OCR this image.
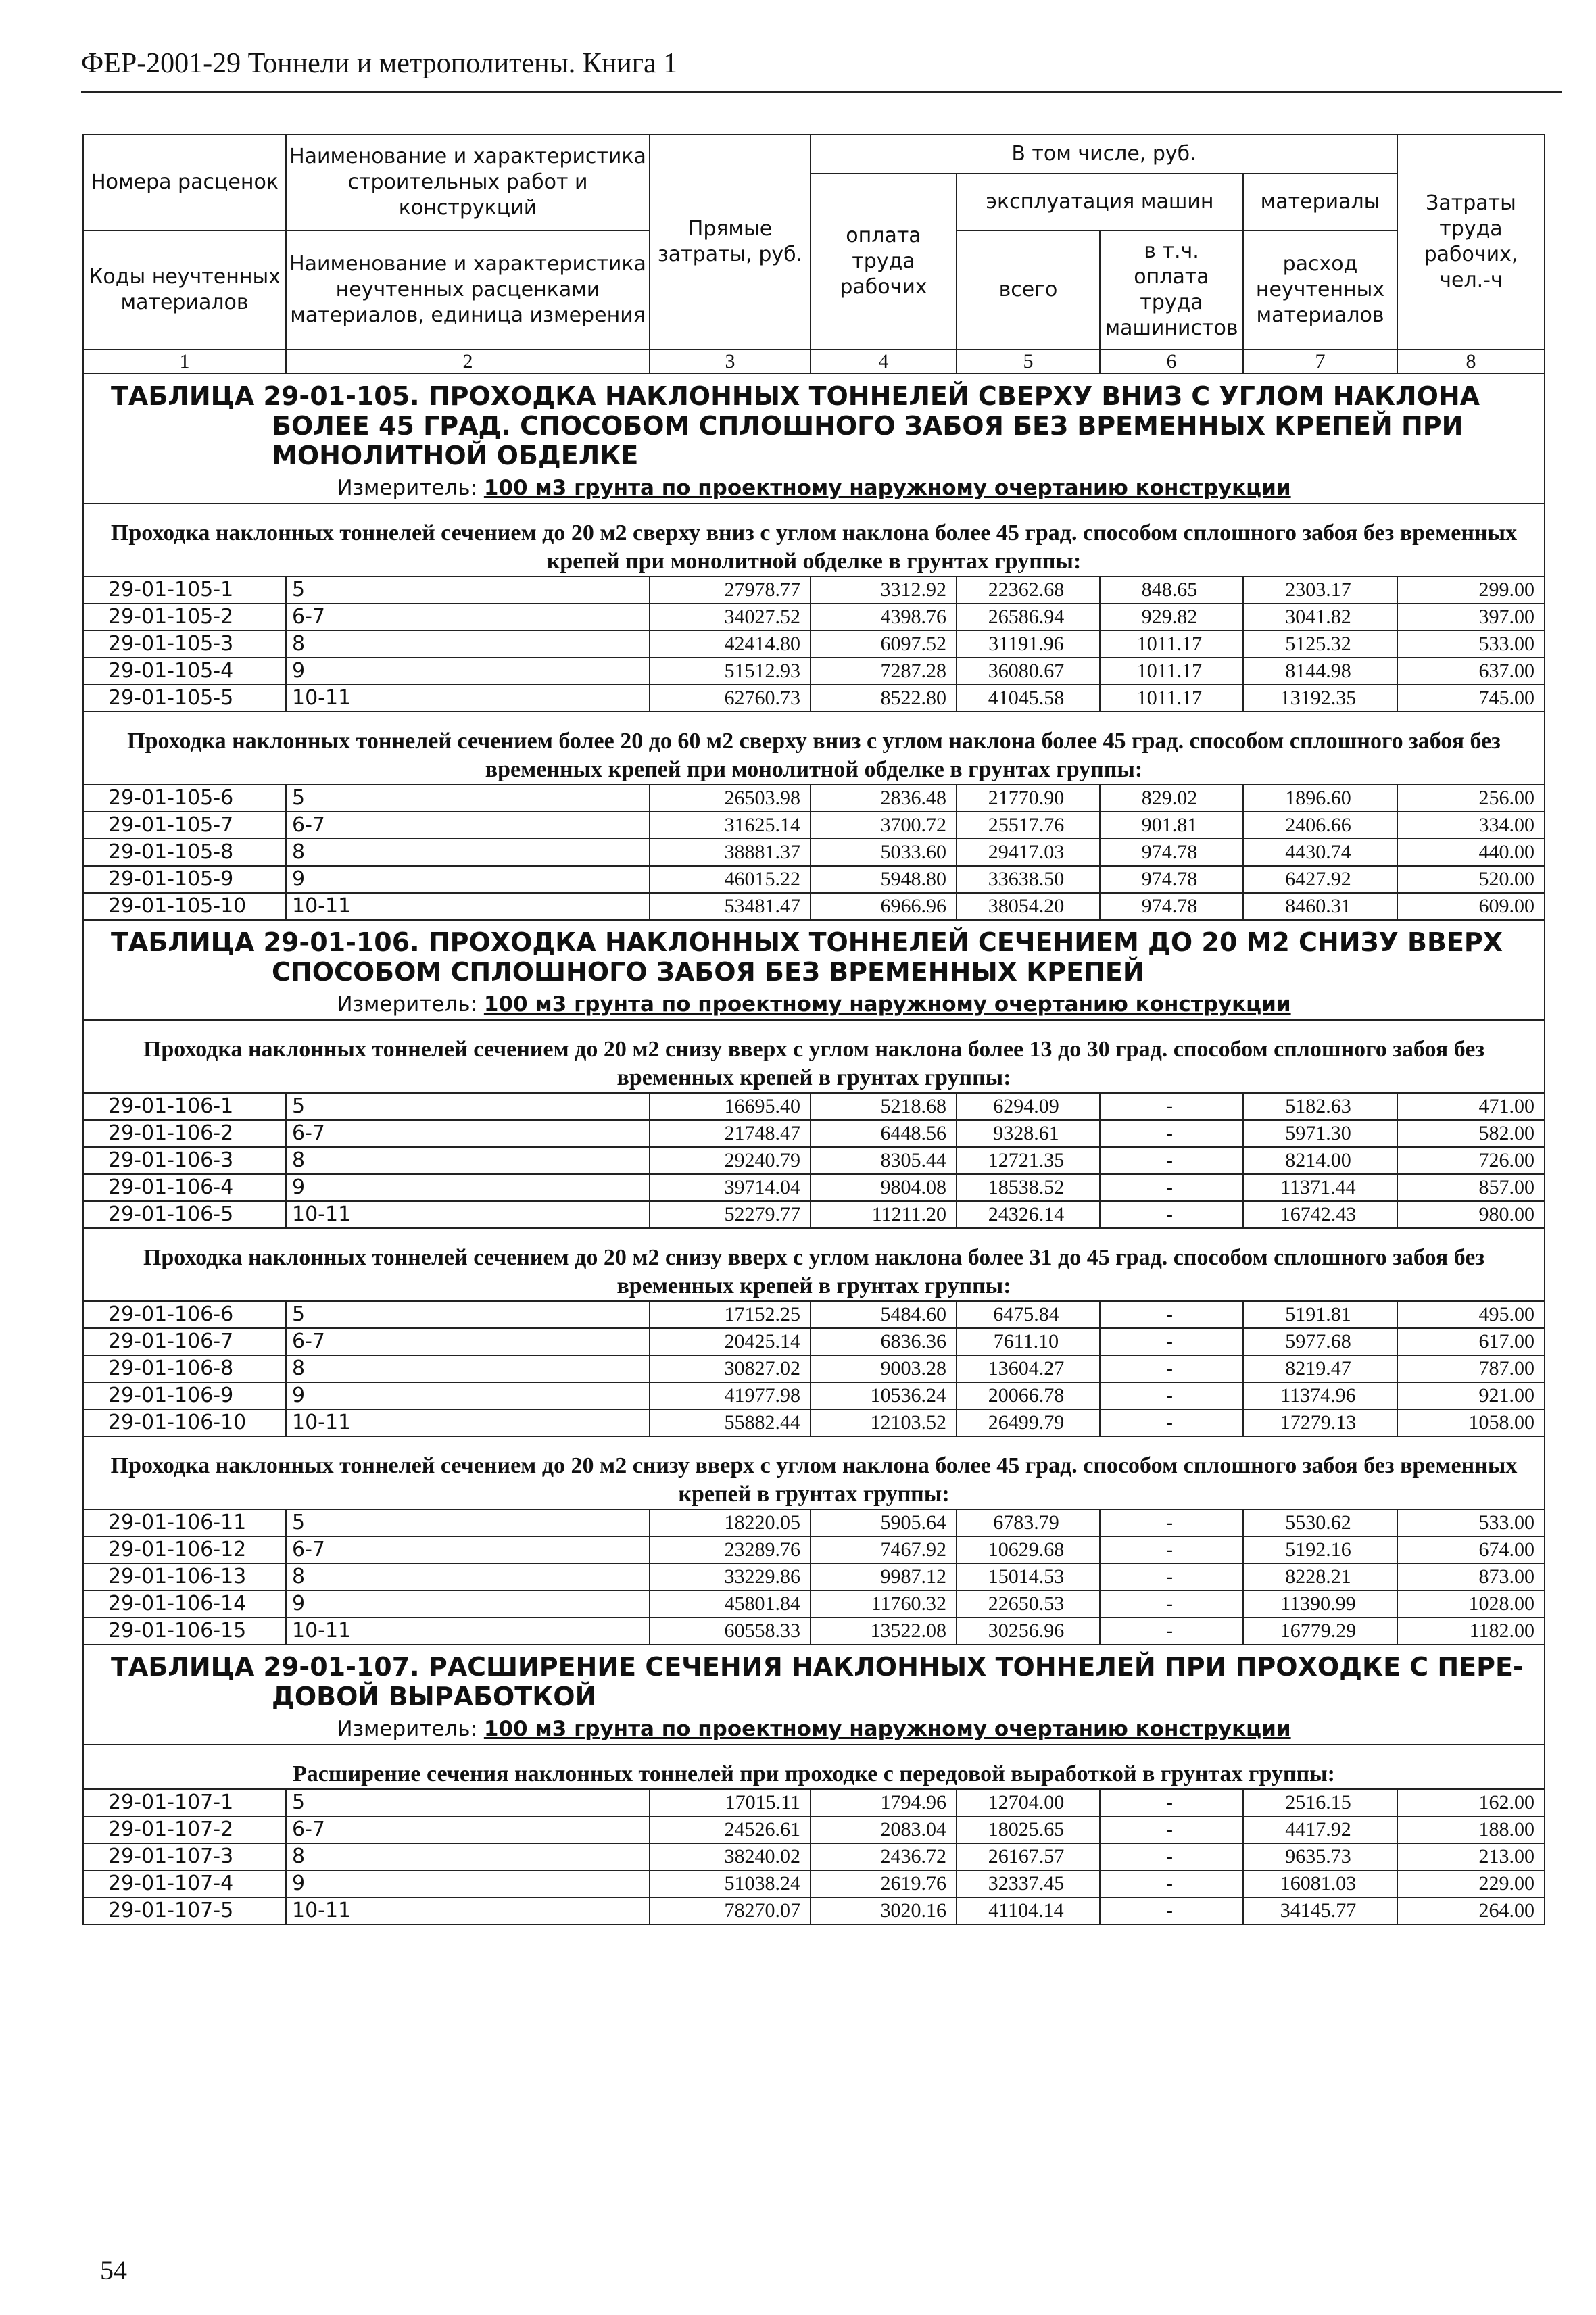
ФЕР-2001-29 Тоннели и метрополитены. Книга 1
Номера расценок	Наименование и характеристика строительных работ и конструкций	Прямые затраты, руб.	В том числе, руб.				Затраты труда рабочих, чел.-ч
			оплата труда рабочих	эксплуатация машин		материалы	
Коды неучтенных материалов	Наименование и характеристика неучтенных расценками материалов, единица измерения			всего	в т.ч. оплата труда машинистов	расход неучтенных материалов	
1	2	3	4	5	6	7	8
ТАБЛИЦА 29-01-105. ПРОХОДКА НАКЛОННЫХ ТОННЕЛЕЙ СВЕРХУ ВНИЗ С УГЛОМ НАКЛОНА
БОЛЕЕ 45 ГРАД. СПОСОБОМ СПЛОШНОГО ЗАБОЯ БЕЗ ВРЕМЕННЫХ КРЕПЕЙ ПРИ МОНОЛИТНОЙ ОБДЕЛКЕ							

Измеритель: 100 м3 грунта по проектному наружному очертанию конструкции							
Проходка наклонных тоннелей сечением до 20 м2 сверху вниз с углом наклона более 45 град. способом сплошного забоя без временных крепей при монолитной обделке в грунтах группы:							
29-01-105-1	5	27978.77	3312.92	22362.68	848.65	2303.17	299.00
29-01-105-2	6-7	34027.52	4398.76	26586.94	929.82	3041.82	397.00
29-01-105-3	8	42414.80	6097.52	31191.96	1011.17	5125.32	533.00
29-01-105-4	9	51512.93	7287.28	36080.67	1011.17	8144.98	637.00
29-01-105-5	10-11	62760.73	8522.80	41045.58	1011.17	13192.35	745.00
Проходка наклонных тоннелей сечением более 20 до 60 м2 сверху вниз с углом наклона более 45 град. способом сплошного забоя без временных крепей при монолитной обделке в грунтах группы:							
29-01-105-6	5	26503.98	2836.48	21770.90	829.02	1896.60	256.00
29-01-105-7	6-7	31625.14	3700.72	25517.76	901.81	2406.66	334.00
29-01-105-8	8	38881.37	5033.60	29417.03	974.78	4430.74	440.00
29-01-105-9	9	46015.22	5948.80	33638.50	974.78	6427.92	520.00
29-01-105-10	10-11	53481.47	6966.96	38054.20	974.78	8460.31	609.00
ТАБЛИЦА 29-01-106. ПРОХОДКА НАКЛОННЫХ ТОННЕЛЕЙ СЕЧЕНИЕМ ДО 20 М2 СНИЗУ ВВЕРХ
СПОСОБОМ СПЛОШНОГО ЗАБОЯ БЕЗ ВРЕМЕННЫХ КРЕПЕЙ							

Измеритель: 100 м3 грунта по проектному наружному очертанию конструкции							
Проходка наклонных тоннелей сечением до 20 м2 снизу вверх с углом наклона более 13 до 30 град. способом сплошного забоя без временных крепей в грунтах группы:							
29-01-106-1	5	16695.40	5218.68	6294.09	-	5182.63	471.00
29-01-106-2	6-7	21748.47	6448.56	9328.61	-	5971.30	582.00
29-01-106-3	8	29240.79	8305.44	12721.35	-	8214.00	726.00
29-01-106-4	9	39714.04	9804.08	18538.52	-	11371.44	857.00
29-01-106-5	10-11	52279.77	11211.20	24326.14	-	16742.43	980.00
Проходка наклонных тоннелей сечением до 20 м2 снизу вверх с углом наклона более 31 до 45 град. способом сплошного забоя без временных крепей в грунтах группы:							
29-01-106-6	5	17152.25	5484.60	6475.84	-	5191.81	495.00
29-01-106-7	6-7	20425.14	6836.36	7611.10	-	5977.68	617.00
29-01-106-8	8	30827.02	9003.28	13604.27	-	8219.47	787.00
29-01-106-9	9	41977.98	10536.24	20066.78	-	11374.96	921.00
29-01-106-10	10-11	55882.44	12103.52	26499.79	-	17279.13	1058.00
Проходка наклонных тоннелей сечением до 20 м2 снизу вверх с углом наклона более 45 град. способом сплошного забоя без временных крепей в грунтах группы:							
29-01-106-11	5	18220.05	5905.64	6783.79	-	5530.62	533.00
29-01-106-12	6-7	23289.76	7467.92	10629.68	-	5192.16	674.00
29-01-106-13	8	33229.86	9987.12	15014.53	-	8228.21	873.00
29-01-106-14	9	45801.84	11760.32	22650.53	-	11390.99	1028.00
29-01-106-15	10-11	60558.33	13522.08	30256.96	-	16779.29	1182.00
ТАБЛИЦА 29-01-107. РАСШИРЕНИЕ СЕЧЕНИЯ НАКЛОННЫХ ТОННЕЛЕЙ ПРИ ПРОХОДКЕ С ПЕРЕ-
ДОВОЙ ВЫРАБОТКОЙ							

Измеритель: 100 м3 грунта по проектному наружному очертанию конструкции							
Расширение сечения наклонных тоннелей при проходке с передовой выработкой в грунтах группы:							
29-01-107-1	5	17015.11	1794.96	12704.00	-	2516.15	162.00
29-01-107-2	6-7	24526.61	2083.04	18025.65	-	4417.92	188.00
29-01-107-3	8	38240.02	2436.72	26167.57	-	9635.73	213.00
29-01-107-4	9	51038.24	2619.76	32337.45	-	16081.03	229.00
29-01-107-5	10-11	78270.07	3020.16	41104.14	-	34145.77	264.00
54
